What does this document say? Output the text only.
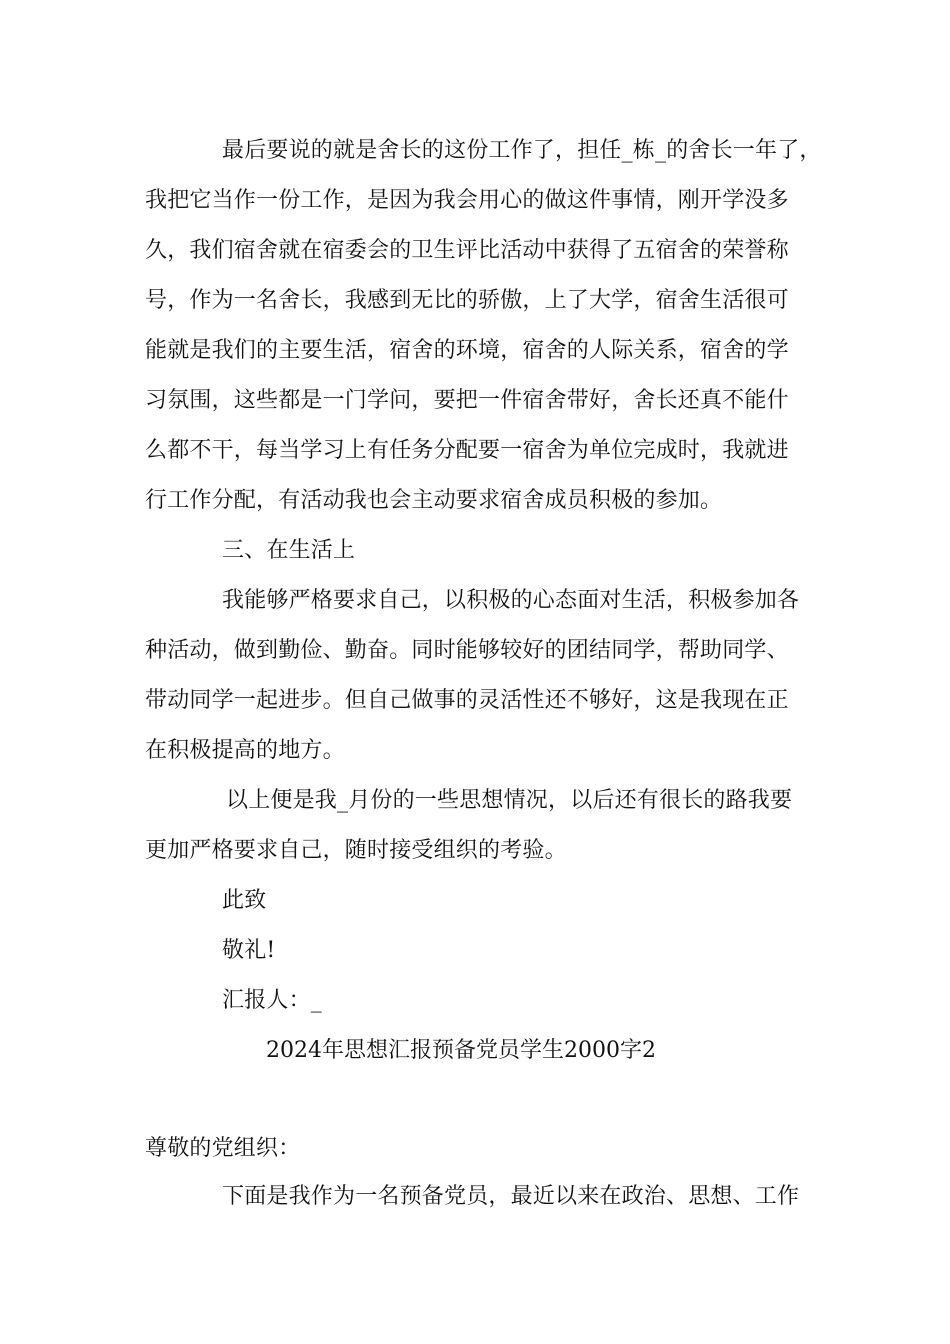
最后要说的就是舍长的这份工作了，担任_栋_的舍长一年了，
我把它当作一份工作，是因为我会用心的做这件事情，刚开学没多
久，我们宿舍就在宿委会的卫生评比活动中获得了五宿舍的荣誉称
号，作为一名舍长，我感到无比的骄傲，上了大学，宿舍生活很可
能就是我们的主要生活，宿舍的环境，宿舍的人际关系，宿舍的学
习氛围，这些都是一门学问，要把一件宿舍带好，舍长还真不能什
么都不干，每当学习上有任务分配要一宿舍为单位完成时，我就进
行工作分配，有活动我也会主动要求宿舍成员积极的参加。
三、在生活上
我能够严格要求自己，以积极的心态面对生活，积极参加各
种活动，做到勤俭、勤奋。同时能够较好的团结同学，帮助同学、
带动同学一起进步。但自己做事的灵活性还不够好，这是我现在正
在积极提高的地方。
以上便是我_月份的一些思想情况，以后还有很长的路我要
更加严格要求自己，随时接受组织的考验。
此致
敬礼!
汇报人：_
2024年思想汇报预备党员学生2000字2
尊敬的党组织：
下面是我作为一名预备党员，最近以来在政治、思想、工作
